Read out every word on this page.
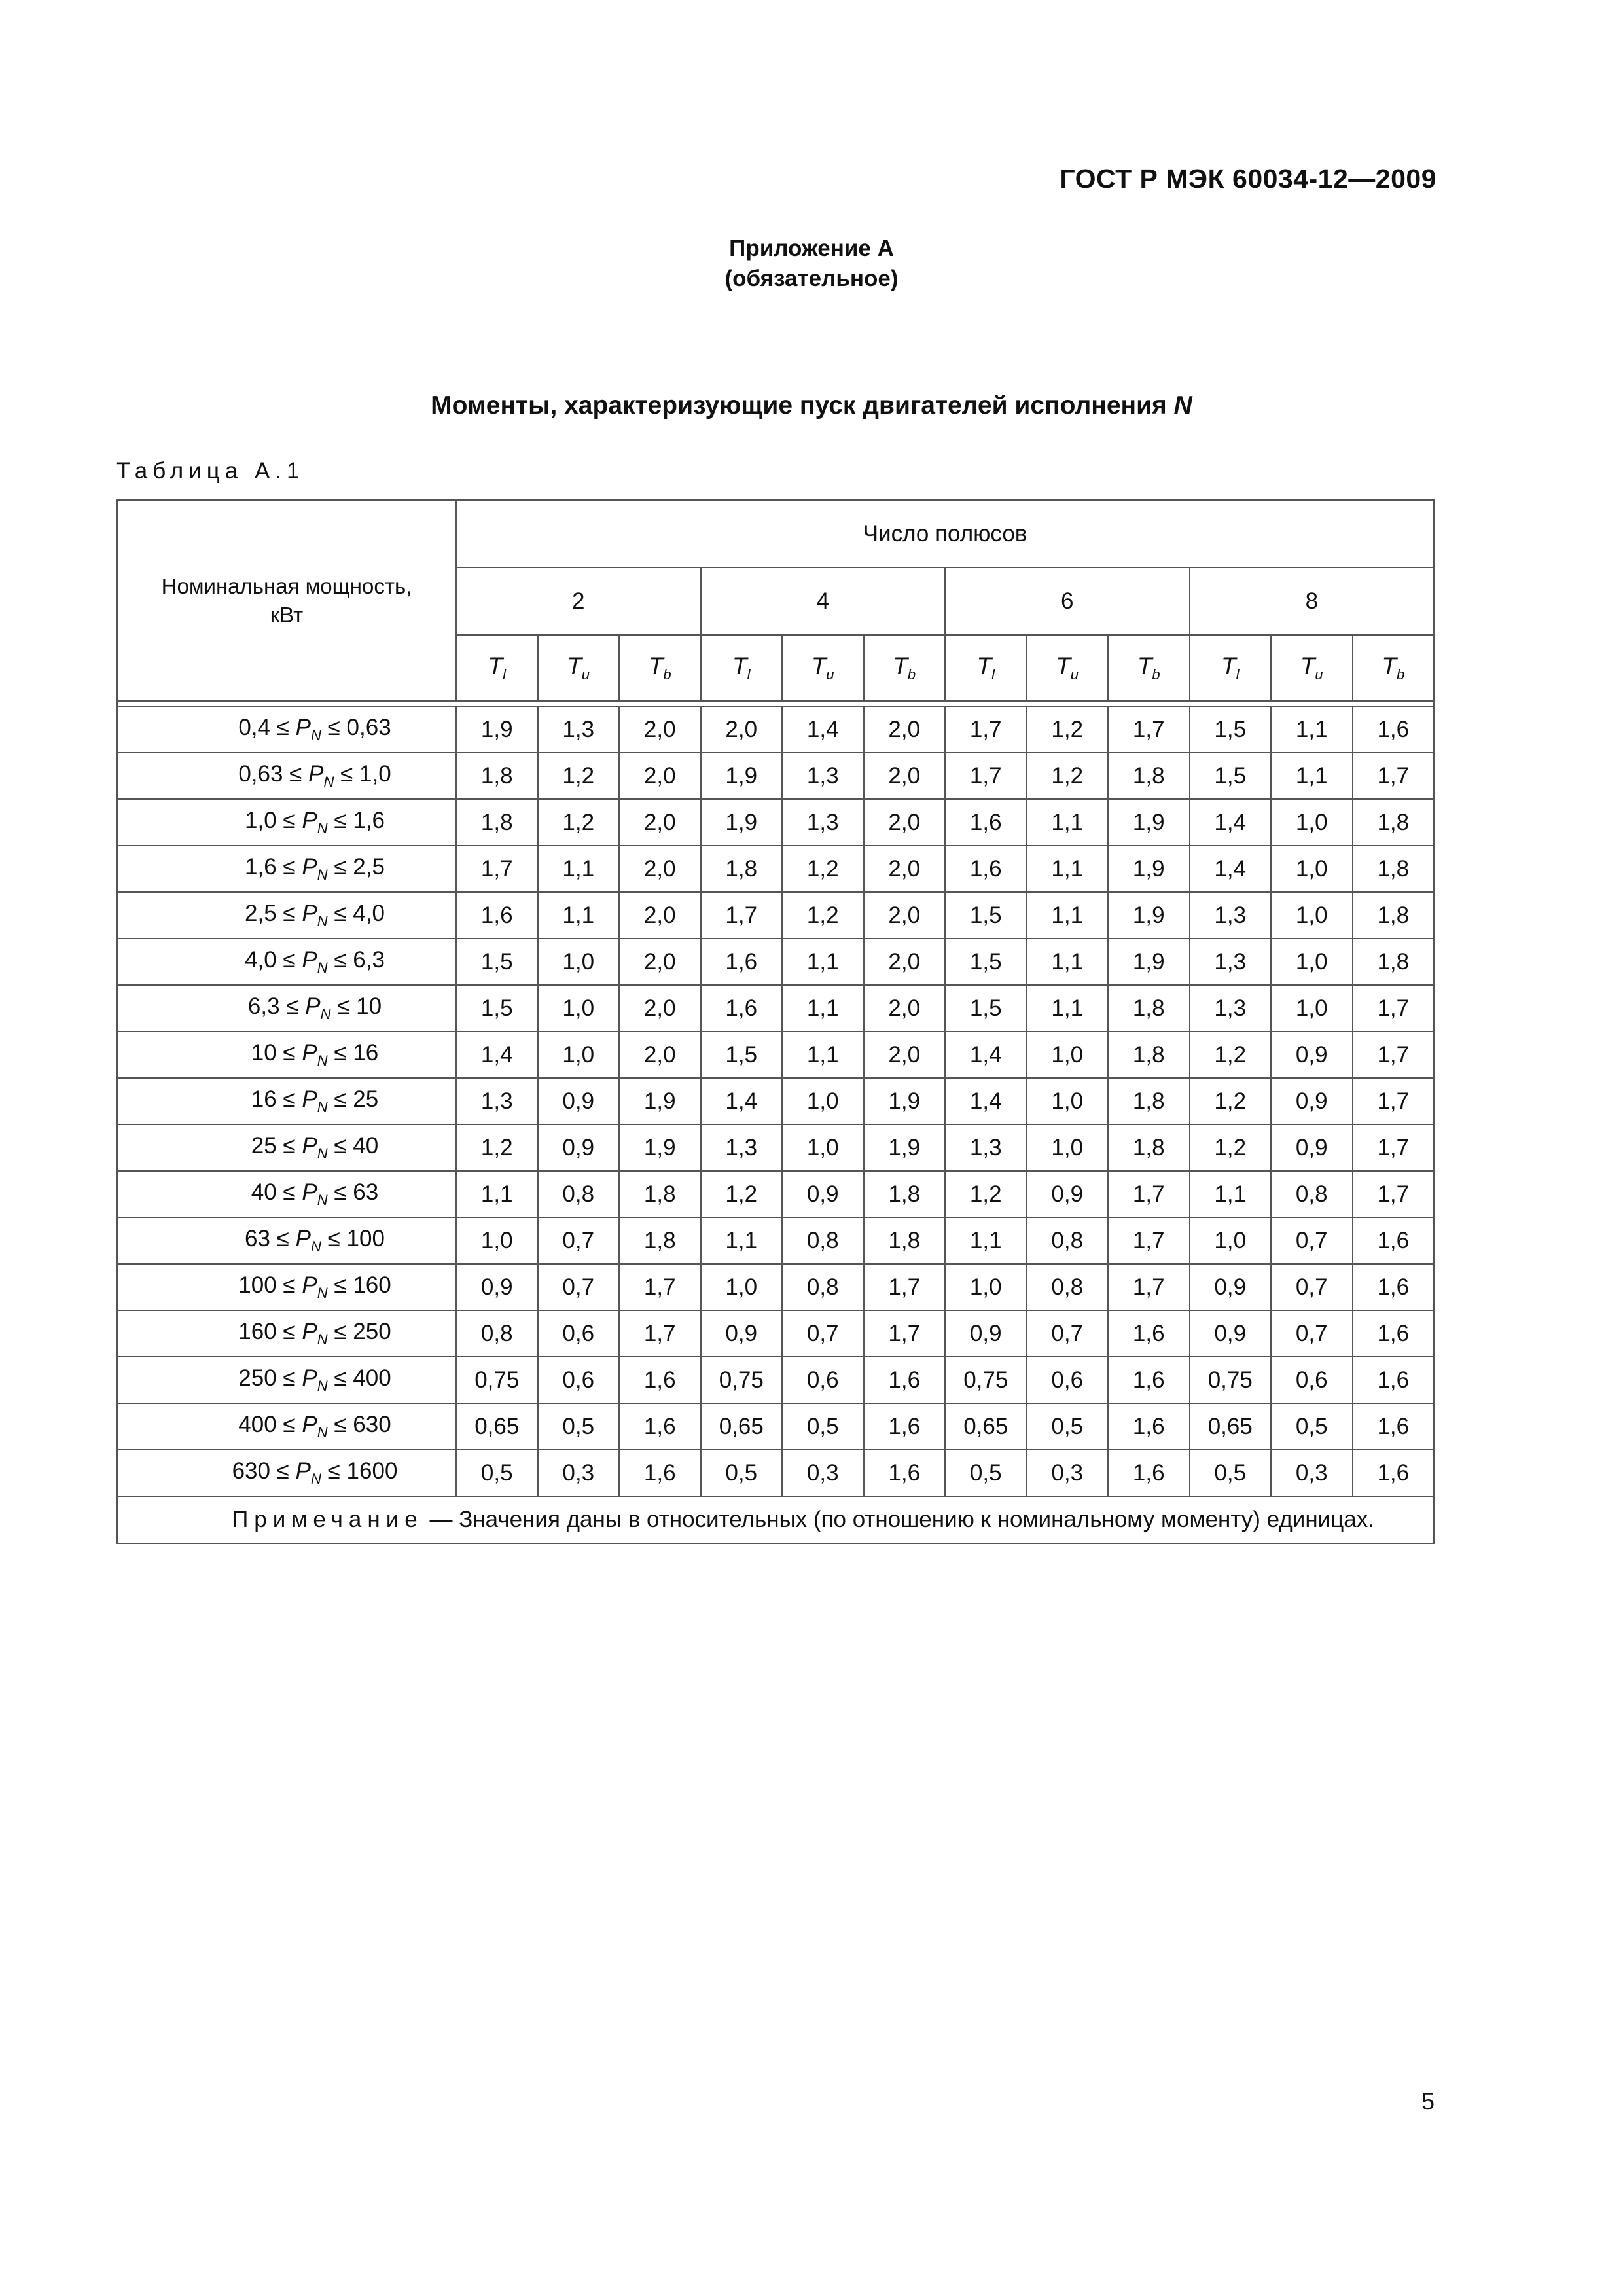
ГОСТ Р МЭК 60034-12—2009
Приложение А
(обязательное)
Моменты, характеризующие пуск двигателей исполнения N
Таблица А.1
Номинальная мощность, кВт	Число полюсов											
	2			4			6			8		
	$T_l$	$T_u$	$T_b$	$T_l$	$T_u$	$T_b$	$T_l$	$T_u$	$T_b$	$T_l$	$T_u$	$T_b$

$0,4 \le P_N \le 0,63$	1,9	1,3	2,0	2,0	1,4	2,0	1,7	1,2	1,7	1,5	1,1	1,6
$0,63 \le P_N \le 1,0$	1,8	1,2	2,0	1,9	1,3	2,0	1,7	1,2	1,8	1,5	1,1	1,7
$1,0 \le P_N \le 1,6$	1,8	1,2	2,0	1,9	1,3	2,0	1,6	1,1	1,9	1,4	1,0	1,8
$1,6 \le P_N \le 2,5$	1,7	1,1	2,0	1,8	1,2	2,0	1,6	1,1	1,9	1,4	1,0	1,8
$2,5 \le P_N \le 4,0$	1,6	1,1	2,0	1,7	1,2	2,0	1,5	1,1	1,9	1,3	1,0	1,8
$4,0 \le P_N \le 6,3$	1,5	1,0	2,0	1,6	1,1	2,0	1,5	1,1	1,9	1,3	1,0	1,8
$6,3 \le P_N \le 10$	1,5	1,0	2,0	1,6	1,1	2,0	1,5	1,1	1,8	1,3	1,0	1,7
$10 \le P_N \le 16$	1,4	1,0	2,0	1,5	1,1	2,0	1,4	1,0	1,8	1,2	0,9	1,7
$16 \le P_N \le 25$	1,3	0,9	1,9	1,4	1,0	1,9	1,4	1,0	1,8	1,2	0,9	1,7
$25 \le P_N \le 40$	1,2	0,9	1,9	1,3	1,0	1,9	1,3	1,0	1,8	1,2	0,9	1,7
$40 \le P_N \le 63$	1,1	0,8	1,8	1,2	0,9	1,8	1,2	0,9	1,7	1,1	0,8	1,7
$63 \le P_N \le 100$	1,0	0,7	1,8	1,1	0,8	1,8	1,1	0,8	1,7	1,0	0,7	1,6
$100 \le P_N \le 160$	0,9	0,7	1,7	1,0	0,8	1,7	1,0	0,8	1,7	0,9	0,7	1,6
$160 \le P_N \le 250$	0,8	0,6	1,7	0,9	0,7	1,7	0,9	0,7	1,6	0,9	0,7	1,6
$250 \le P_N \le 400$	0,75	0,6	1,6	0,75	0,6	1,6	0,75	0,6	1,6	0,75	0,6	1,6
$400 \le P_N \le 630$	0,65	0,5	1,6	0,65	0,5	1,6	0,65	0,5	1,6	0,65	0,5	1,6
$630 \le P_N \le 1600$	0,5	0,3	1,6	0,5	0,3	1,6	0,5	0,3	1,6	0,5	0,3	1,6
Примечание — Значения даны в относительных (по отношению к номинальному моменту) единицах.												
5
